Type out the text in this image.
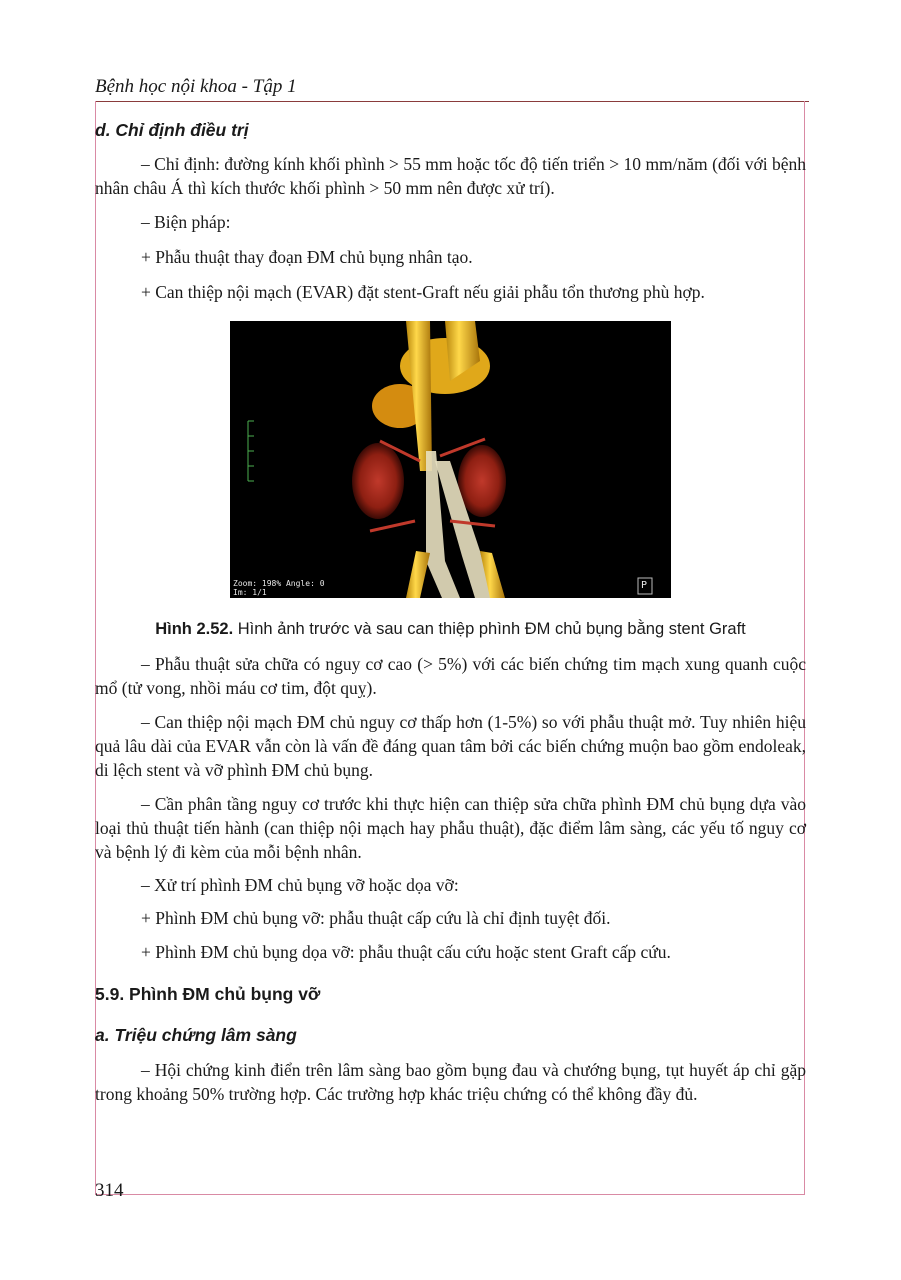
Bệnh học nội khoa - Tập 1
d. Chỉ định điều trị

– Chỉ định: đường kính khối phình > 55 mm hoặc tốc độ tiến triển > 10 mm/năm (đối với bệnh nhân châu Á thì kích thước khối phình > 50 mm nên được xử trí).

– Biện pháp:

+ Phẫu thuật thay đoạn ĐM chủ bụng nhân tạo.

+ Can thiệp nội mạch (EVAR) đặt stent-Graft nếu giải phẫu tổn thương phù hợp.

Zoom: 198% Angle: 0
Im: 1/1
P
Hình 2.52. Hình ảnh trước và sau can thiệp phình ĐM chủ bụng bằng stent Graft

– Phẫu thuật sửa chữa có nguy cơ cao (> 5%) với các biến chứng tim mạch xung quanh cuộc mổ (tử vong, nhồi máu cơ tim, đột quỵ).

– Can thiệp nội mạch ĐM chủ nguy cơ thấp hơn (1-5%) so với phẫu thuật mở. Tuy nhiên hiệu quả lâu dài của EVAR vẫn còn là vấn đề đáng quan tâm bởi các biến chứng muộn bao gồm endoleak, di lệch stent và vỡ phình ĐM chủ bụng.

– Cần phân tầng nguy cơ trước khi thực hiện can thiệp sửa chữa phình ĐM chủ bụng dựa vào loại thủ thuật tiến hành (can thiệp nội mạch hay phẫu thuật), đặc điểm lâm sàng, các yếu tố nguy cơ và bệnh lý đi kèm của mỗi bệnh nhân.

– Xử trí phình ĐM chủ bụng vỡ hoặc dọa vỡ:

+ Phình ĐM chủ bụng vỡ: phẫu thuật cấp cứu là chỉ định tuyệt đối.

+ Phình ĐM chủ bụng dọa vỡ: phẫu thuật cấu cứu hoặc stent Graft cấp cứu.

5.9. Phình ĐM chủ bụng vỡ
a. Triệu chứng lâm sàng

– Hội chứng kinh điển trên lâm sàng bao gồm bụng đau và chướng bụng, tụt huyết áp chỉ gặp trong khoảng 50% trường hợp. Các trường hợp khác triệu chứng có thể không đầy đủ.

314
